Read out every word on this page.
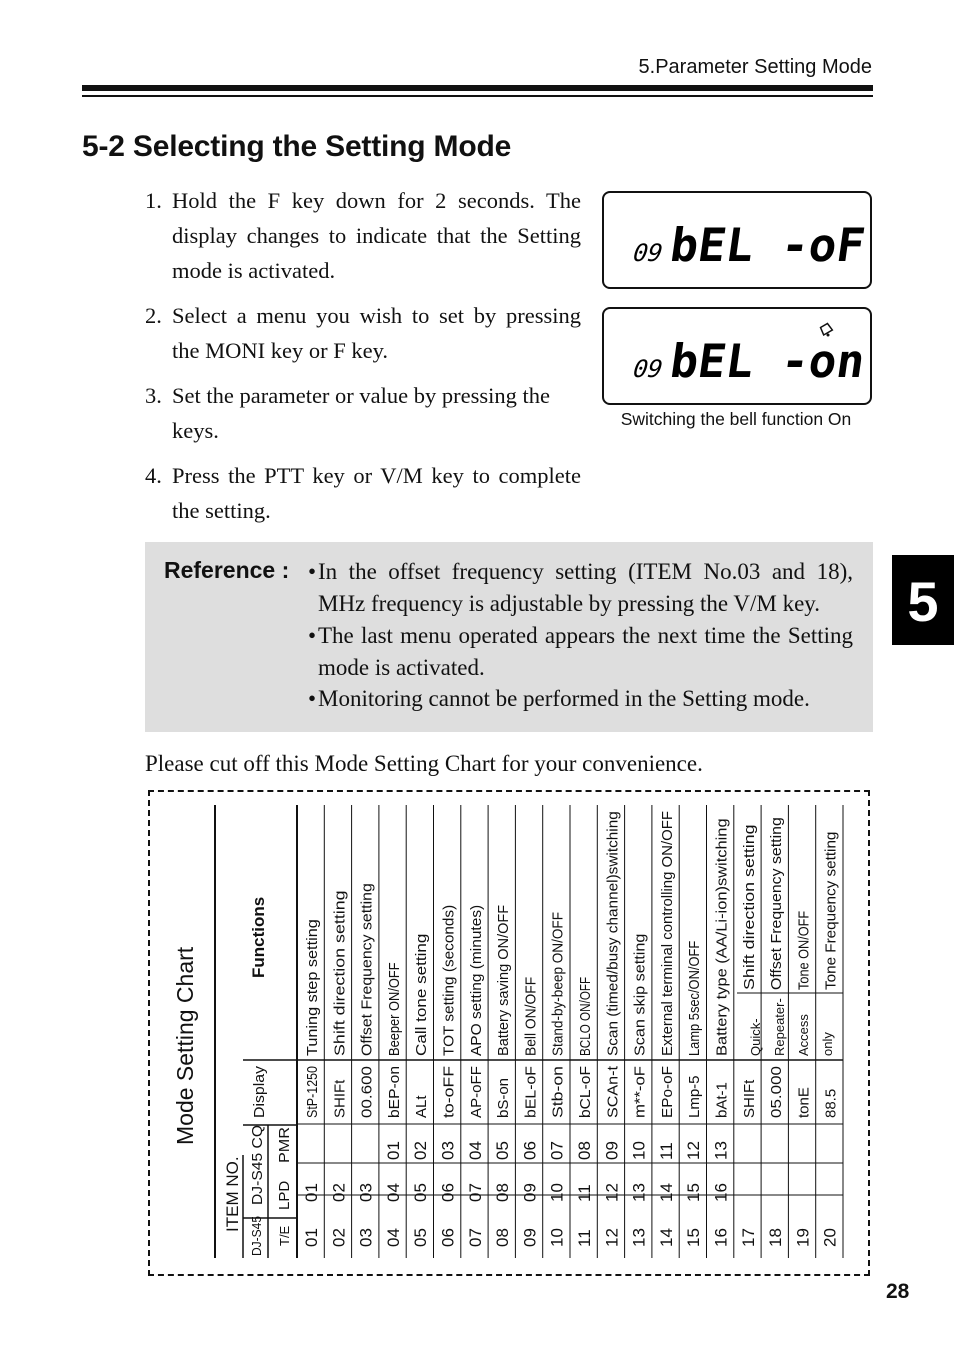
5.Parameter Setting Mode
5-2 Selecting the Setting Mode
1. Hold the F key down for 2 seconds. The display changes to indicate that the Setting mode is activated.
2. Select a menu you wish to set by pressing the MONI key or F key.
3. Set the parameter or value by pressing the keys.
4. Press the PTT key or V/M key to complete the setting.
09 bEL -oF
09 bEL -on
Switching the bell function On
5
Reference : • In the offset frequency setting (ITEM No.03 and 18), MHz frequency is adjustable by pressing the V/M key.
• The last menu operated appears the next time the Setting mode is activated.
• Monitoring cannot be performed in the Setting mode.
Please cut off this Mode Setting Chart for your convenience.
01
01
StP-1250
Tuning step setting
02
02
SHIFt
Shift direction setting
03
03
00.600
Offset Frequency setting
04
04
01
bEP-on
Beeper ON/OFF
05
05
02
ALt
Call tone setting
06
06
03
to-oFF
TOT setting (seconds)
07
07
04
AP-oFF
APO setting (minutes)
08
08
05
bS-on
Battery saving ON/OFF
09
09
06
bEL-oF
Bell ON/OFF
10
10
07
Stb-on
Stand-by-beep ON/OFF
11
11
08
bCL-oF
BCLO ON/OFF
12
12
09
SCAn-t
Scan (timed/busy channel)switching
13
13
10
m**-oF
Scan skip setting
14
14
11
EPo-oF
External terminal controlling ON/OFF
15
15
12
Lmp-5
Lamp 5sec/ON/OFF
16
16
13
bAt-1
Battery type (AA/Li-ion)switching
17
SHIFt
Shift direction setting
18
05.000
Offset Frequency setting
19
tonE
Tone ON/OFF
20
88.5
Tone Frequency setting
Mode Setting Chart
ITEM NO.
DJ-S45
DJ-S45 CQ
T/E
LPD
PMR
Display
Functions
Quick- Repeater- Access only
28
